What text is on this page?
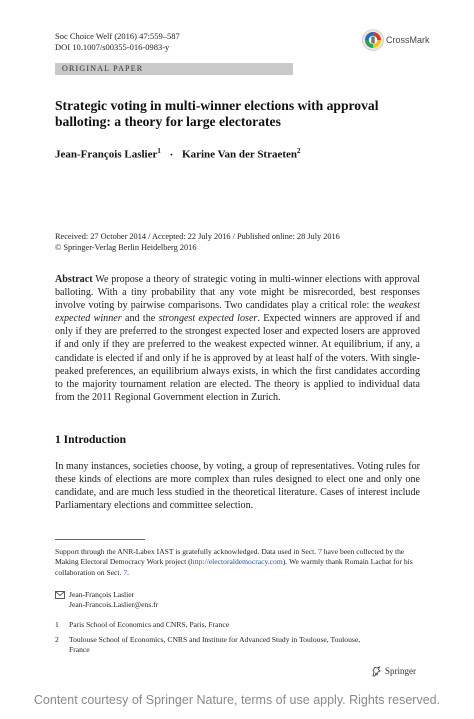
Soc Choice Welf (2016) 47:559–587
DOI 10.1007/s00355-016-0983-y
CrossMark
ORIGINAL PAPER
Strategic voting in multi-winner elections with approval
balloting: a theory for large electorates
Jean-François Laslier$^1$ · Karine Van der Straeten$^2$
Received: 27 October 2014 / Accepted: 22 July 2016 / Published online: 28 July 2016
© Springer-Verlag Berlin Heidelberg 2016
Abstract We propose a theory of strategic voting in multi-winner elections with approval balloting. With a tiny probability that any vote might be misrecorded, best responses involve voting by pairwise comparisons. Two candidates play a critical role: the weakest expected winner and the strongest expected loser. Expected winners are approved if and only if they are preferred to the strongest expected loser and expected losers are approved if and only if they are preferred to the weakest expected winner. At equilibrium, if any, a candidate is elected if and only if he is approved by at least half of the voters. With single-peaked preferences, an equilibrium always exists, in which the first candidates according to the majority tournament relation are elected. The theory is applied to individual data from the 2011 Regional Government election in Zurich.
1 Introduction
In many instances, societies choose, by voting, a group of representatives. Voting rules for these kinds of elections are more complex than rules designed to elect one and only one candidate, and are much less studied in the theoretical literature. Cases of interest include Parliamentary elections and committee selection.
Support through the ANR-Labex IAST is gratefully acknowledged. Data used in Sect. 7 have been collected by the Making Electoral Democracy Work project (http://electoraldemocracy.com). We warmly thank Romain Lachat for his collaboration on Sect. 7.
Jean-François Laslier
Jean-Francois.Laslier@ens.fr
1 Paris School of Economics and CNRS, Paris, France
2 Toulouse School of Economics, CNRS and Institute for Advanced Study in Toulouse, Toulouse, France
Springer
Content courtesy of Springer Nature, terms of use apply. Rights reserved.
